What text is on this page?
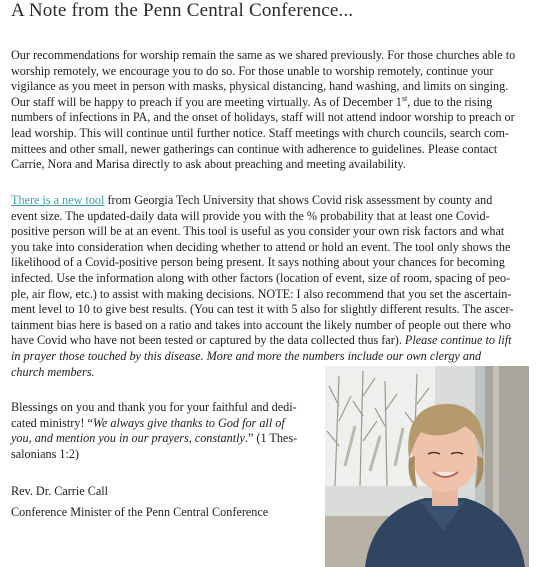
A Note from the Penn Central Conference...

Our recommendations for worship remain the same as we shared previously. For those churches able to
worship remotely, we encourage you to do so. For those unable to worship remotely, continue your
vigilance as you meet in person with masks, physical distancing, hand washing, and limits on singing.
Our staff will be happy to preach if you are meeting virtually. As of December 1st, due to the rising
numbers of infections in PA, and the onset of holidays, staff will not attend indoor worship to preach or
lead worship. This will continue until further notice. Staff meetings with church councils, search com-
mittees and other small, newer gatherings can continue with adherence to guidelines. Please contact
Carrie, Nora and Marisa directly to ask about preaching and meeting availability.

There is a new tool from Georgia Tech University that shows Covid risk assessment by county and
event size. The updated-daily data will provide you with the % probability that at least one Covid-
positive person will be at an event. This tool is useful as you consider your own risk factors and what
you take into consideration when deciding whether to attend or hold an event. The tool only shows the
likelihood of a Covid-positive person being present. It says nothing about your chances for becoming
infected. Use the information along with other factors (location of event, size of room, spacing of peo-
ple, air flow, etc.) to assist with making decisions. NOTE: I also recommend that you set the ascertain-
ment level to 10 to give best results. (You can test it with 5 also for slightly different results. The ascer-
tainment bias here is based on a ratio and takes into account the likely number of people out there who
have Covid who have not been tested or captured by the data collected thus far). Please continue to lift
in prayer those touched by this disease. More and more the numbers include our own clergy and
church members.

Blessings on you and thank you for your faithful and dedi-
cated ministry! “We always give thanks to God for all of
you, and mention you in our prayers, constantly.” (1 Thes-
salonians 1:2)

Rev. Dr. Carrie Call
Conference Minister of the Penn Central Conference
